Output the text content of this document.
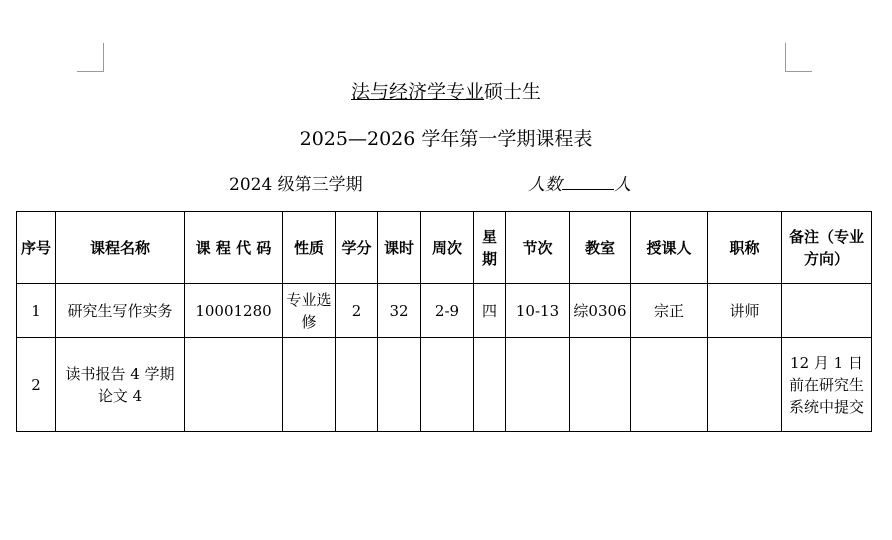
法与经济学专业硕士生
2025—2026 学年第一学期课程表
2024 级第三学期	人数	人
序号	课程名称	课 程 代 码	性质	学分	课时	周次	星期	节次	教室	授课人	职称	备注（专业方向）
1	研究生写作实务	10001280	专业选修	2	32	2-9	四	10-13	综0306	宗正	讲师	
2	读书报告 4 学期论文 4											12 月 1 日前在研究生系统中提交
